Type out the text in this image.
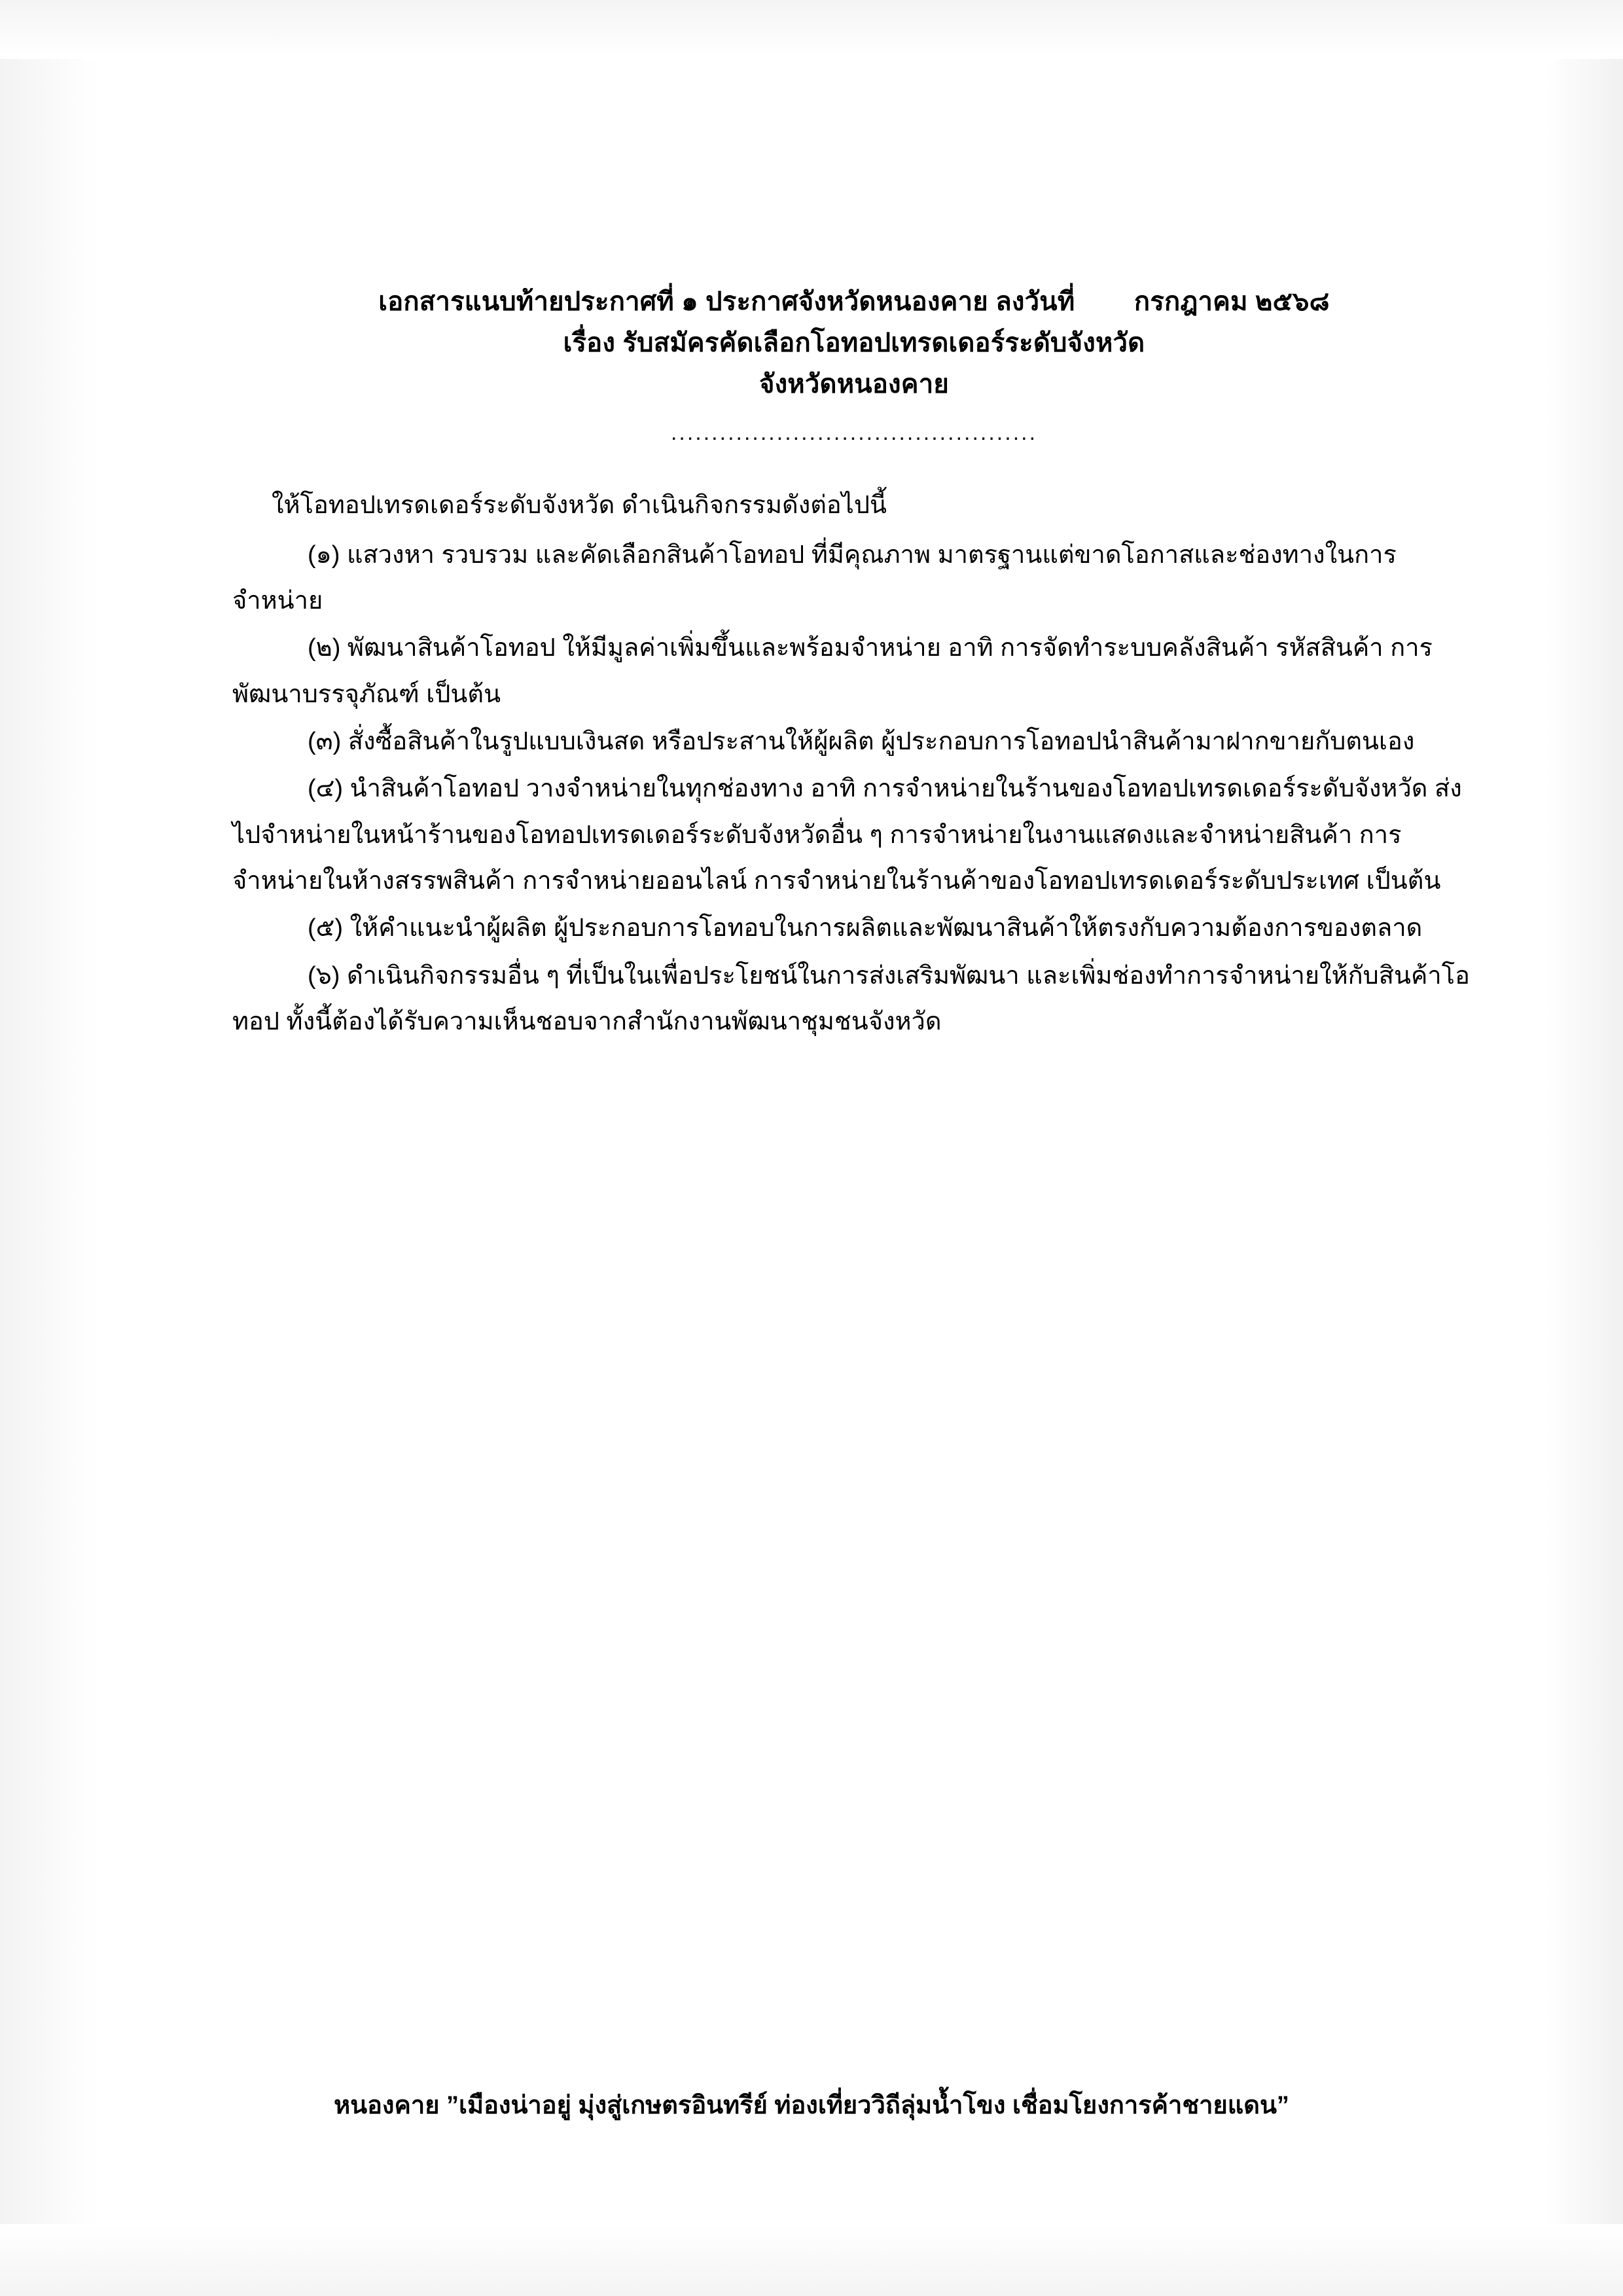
เอกสารแนบท้ายประกาศที่ ๑ ประกาศจังหวัดหนองคาย ลงวันที่        กรกฎาคม ๒๕๖๘
เรื่อง รับสมัครคัดเลือกโอทอปเทรดเดอร์ระดับจังหวัด
จังหวัดหนองคาย
.............................................

ให้โอทอปเทรดเดอร์ระดับจังหวัด ดำเนินกิจกรรมดังต่อไปนี้

(๑) แสวงหา รวบรวม และคัดเลือกสินค้าโอทอป ที่มีคุณภาพ มาตรฐานแต่ขาดโอกาสและช่องทางในการจำหน่าย

(๒) พัฒนาสินค้าโอทอป ให้มีมูลค่าเพิ่มขึ้นและพร้อมจำหน่าย อาทิ การจัดทำระบบคลังสินค้า รหัสสินค้า การพัฒนาบรรจุภัณฑ์ เป็นต้น

(๓) สั่งซื้อสินค้าในรูปแบบเงินสด หรือประสานให้ผู้ผลิต ผู้ประกอบการโอทอปนำสินค้ามาฝากขายกับตนเอง

(๔) นำสินค้าโอทอป วางจำหน่ายในทุกช่องทาง อาทิ การจำหน่ายในร้านของโอทอปเทรดเดอร์ระดับจังหวัด ส่งไปจำหน่ายในหน้าร้านของโอทอปเทรดเดอร์ระดับจังหวัดอื่น ๆ การจำหน่ายในงานแสดงและจำหน่ายสินค้า การจำหน่ายในห้างสรรพสินค้า การจำหน่ายออนไลน์ การจำหน่ายในร้านค้าของโอทอปเทรดเดอร์ระดับประเทศ เป็นต้น

(๕) ให้คำแนะนำผู้ผลิต ผู้ประกอบการโอทอบในการผลิตและพัฒนาสินค้าให้ตรงกับความต้องการของตลาด

(๖) ดำเนินกิจกรรมอื่น ๆ ที่เป็นในเพื่อประโยชน์ในการส่งเสริมพัฒนา และเพิ่มช่องทำการจำหน่ายให้กับสินค้าโอทอป ทั้งนี้ต้องได้รับความเห็นชอบจากสำนักงานพัฒนาชุมชนจังหวัด

หนองคาย ”เมืองน่าอยู่ มุ่งสู่เกษตรอินทรีย์ ท่องเที่ยววิถีลุ่มน้ำโขง เชื่อมโยงการค้าชายแดน”
